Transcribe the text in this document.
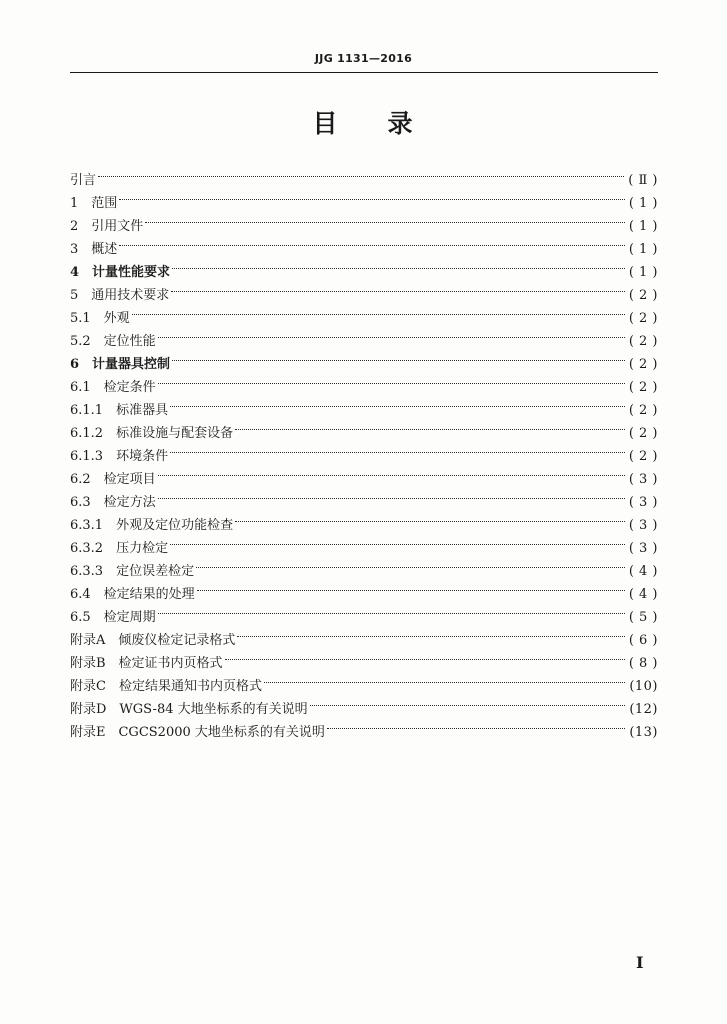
JJG 1131—2016
目 录
引言	( Ⅱ )
1　范围	( 1 )
2　引用文件	( 1 )
3　概述	( 1 )
4　计量性能要求	( 1 )
5　通用技术要求	( 2 )
5.1　外观	( 2 )
5.2　定位性能	( 2 )
6　计量器具控制	( 2 )
6.1　检定条件	( 2 )
6.1.1　标准器具	( 2 )
6.1.2　标准设施与配套设备	( 2 )
6.1.3　环境条件	( 2 )
6.2　检定项目	( 3 )
6.3　检定方法	( 3 )
6.3.1　外观及定位功能检查	( 3 )
6.3.2　压力检定	( 3 )
6.3.3　定位误差检定	( 4 )
6.4　检定结果的处理	( 4 )
6.5　检定周期	( 5 )
附录A　倾废仪检定记录格式	( 6 )
附录B　检定证书内页格式	( 8 )
附录C　检定结果通知书内页格式	(10)
附录D　WGS-84 大地坐标系的有关说明	(12)
附录E　CGCS2000 大地坐标系的有关说明	(13)
I
